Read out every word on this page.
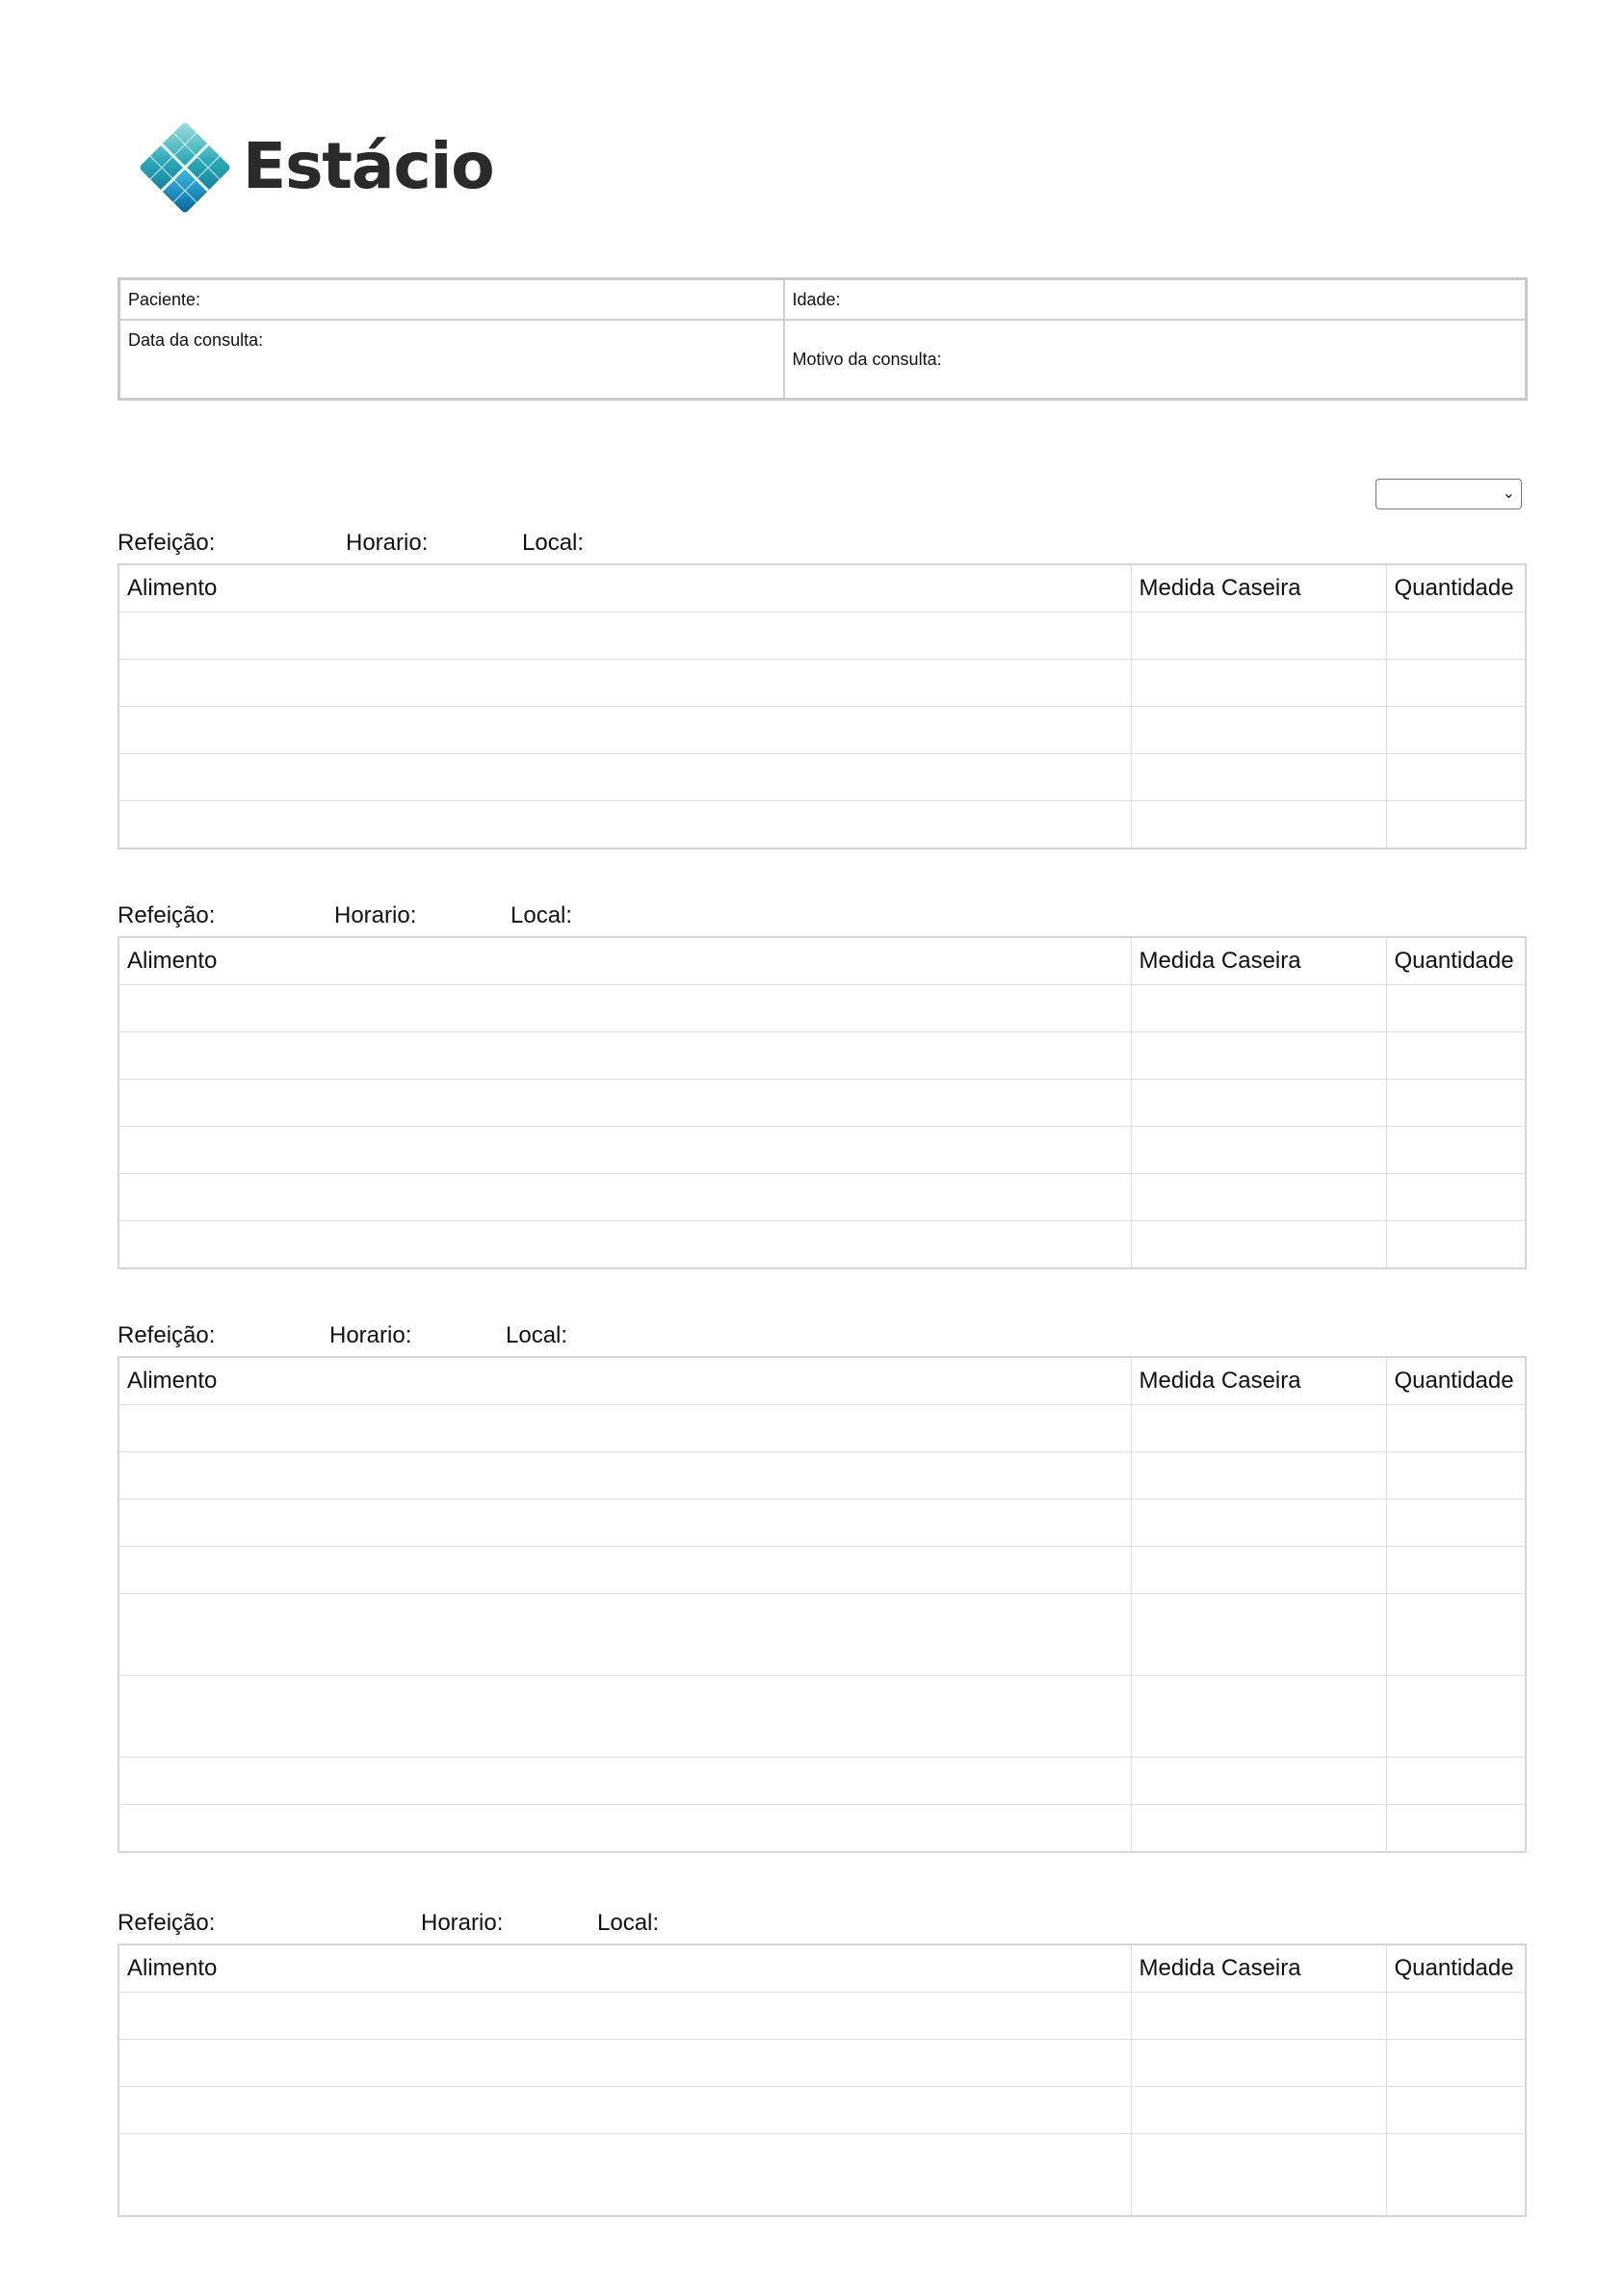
Estácio
Paciente:	Idade:
Data da consulta:	Motivo da consulta:
⌄
Refeição:	Horario:	Local:
Alimento	Medida Caseira	Quantidade

Refeição:	Horario:	Local:
Alimento	Medida Caseira	Quantidade

Refeição:	Horario:	Local:
Alimento	Medida Caseira	Quantidade

Refeição:	Horario:	Local:
Alimento	Medida Caseira	Quantidade
